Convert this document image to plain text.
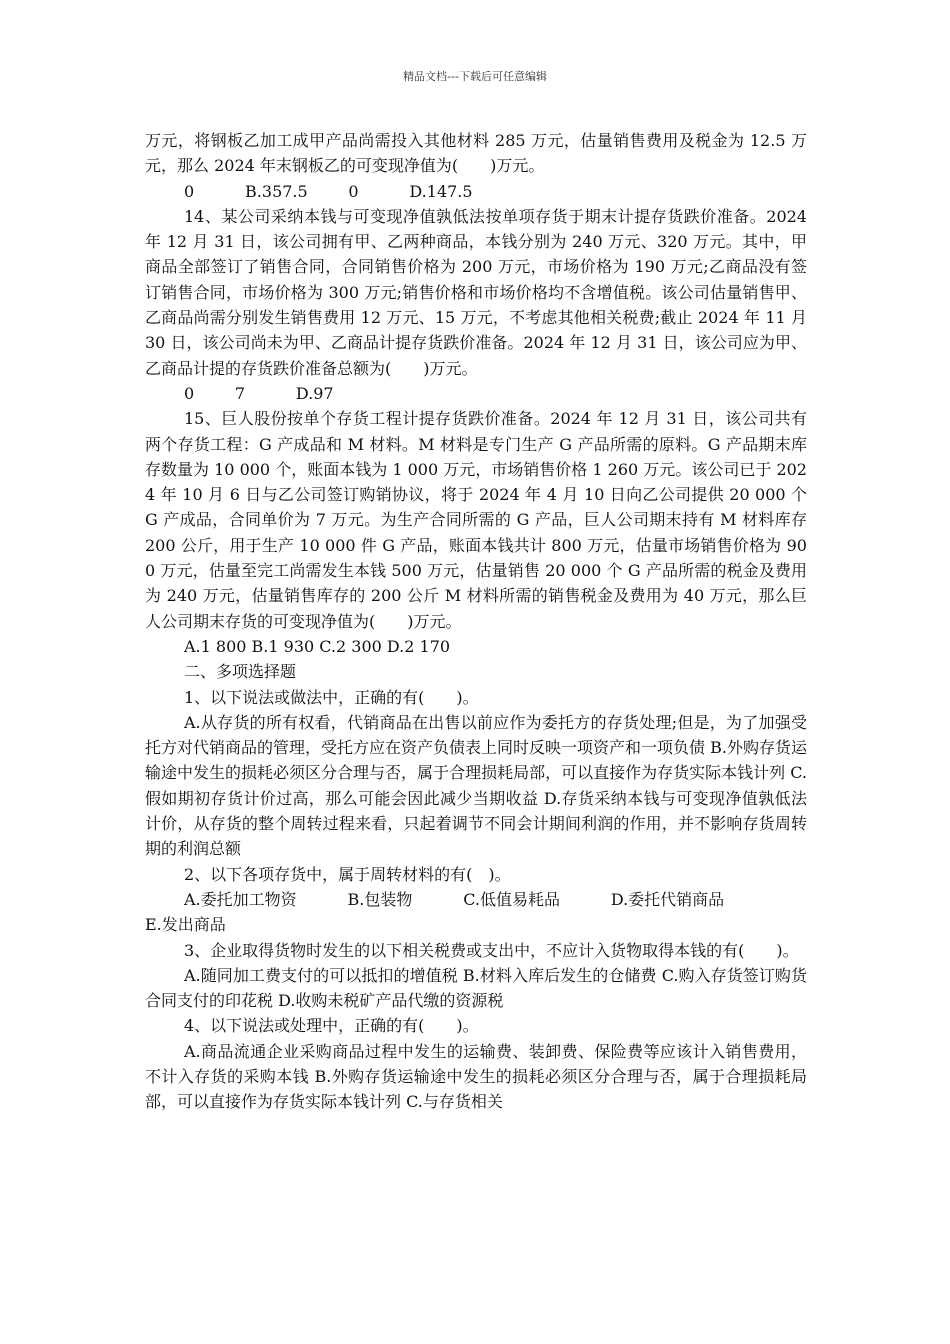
精品文档---下载后可任意编辑

万元，将钢板乙加工成甲产品尚需投入其他材料 285 万元，估量销售费用及税金为 12.5 万元，那么 2024 年末钢板乙的可变现净值为(　　)万元。

0          B.357.5        0          D.147.5

14、某公司采纳本钱与可变现净值孰低法按单项存货于期末计提存货跌价准备。2024 年 12 月 31 日，该公司拥有甲、乙两种商品，本钱分别为 240 万元、320 万元。其中，甲商品全部签订了销售合同，合同销售价格为 200 万元，市场价格为 190 万元;乙商品没有签订销售合同，市场价格为 300 万元;销售价格和市场价格均不含增值税。该公司估量销售甲、乙商品尚需分别发生销售费用 12 万元、15 万元，不考虑其他相关税费;截止 2024 年 11 月 30 日，该公司尚未为甲、乙商品计提存货跌价准备。2024 年 12 月 31 日，该公司应为甲、乙商品计提的存货跌价准备总额为(　　)万元。

0        7          D.97

15、巨人股份按单个存货工程计提存货跌价准备。2024 年 12 月 31 日，该公司共有两个存货工程：G 产成品和 M 材料。M 材料是专门生产 G 产品所需的原料。G 产品期末库存数量为 10 000 个，账面本钱为 1 000 万元，市场销售价格 1 260 万元。该公司已于 2024 年 10 月 6 日与乙公司签订购销协议，将于 2024 年 4 月 10 日向乙公司提供 20 000 个 G 产成品，合同单价为 7 万元。为生产合同所需的 G 产品，巨人公司期末持有 M 材料库存 200 公斤，用于生产 10 000 件 G 产品，账面本钱共计 800 万元，估量市场销售价格为 900 万元，估量至完工尚需发生本钱 500 万元，估量销售 20 000 个 G 产品所需的税金及费用为 240 万元，估量销售库存的 200 公斤 M 材料所需的销售税金及费用为 40 万元，那么巨人公司期末存货的可变现净值为(　　)万元。

A.1 800 B.1 930 C.2 300 D.2 170

二、多项选择题

1、以下说法或做法中，正确的有(　　)。

A.从存货的所有权看，代销商品在出售以前应作为委托方的存货处理;但是，为了加强受托方对代销商品的管理，受托方应在资产负债表上同时反映一项资产和一项负债 B.外购存货运输途中发生的损耗必须区分合理与否，属于合理损耗局部，可以直接作为存货实际本钱计列 C.假如期初存货计价过高，那么可能会因此减少当期收益 D.存货采纳本钱与可变现净值孰低法计价，从存货的整个周转过程来看，只起着调节不同会计期间利润的作用，并不影响存货周转期的利润总额

2、以下各项存货中，属于周转材料的有(　)。

A.委托加工物资          B.包装物          C.低值易耗品          D.委托代销商品

E.发出商品

3、企业取得货物时发生的以下相关税费或支出中，不应计入货物取得本钱的有(　　)。

A.随同加工费支付的可以抵扣的增值税 B.材料入库后发生的仓储费 C.购入存货签订购货合同支付的印花税 D.收购未税矿产品代缴的资源税

4、以下说法或处理中，正确的有(　　)。

A.商品流通企业采购商品过程中发生的运输费、装卸费、保险费等应该计入销售费用，不计入存货的采购本钱 B.外购存货运输途中发生的损耗必须区分合理与否，属于合理损耗局部，可以直接作为存货实际本钱计列 C.与存货相关
